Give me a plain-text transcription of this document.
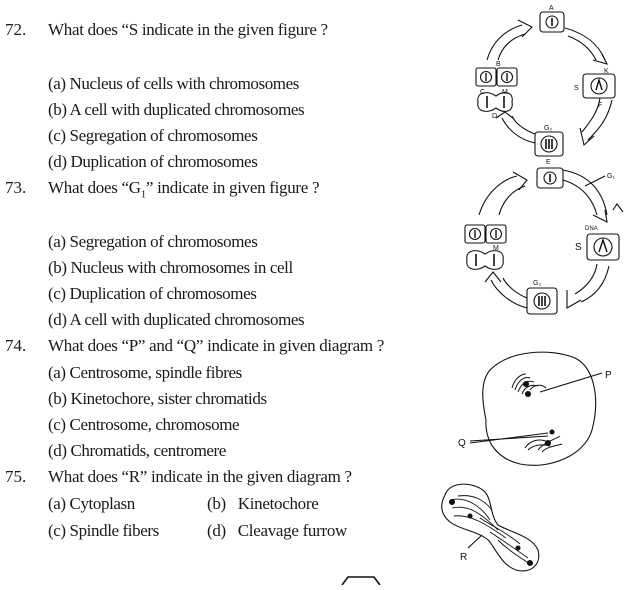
72. What does “S indicate in the given figure ?
(a) Nucleus of cells with chromosomes
(b) A cell with duplicated chromosomes
(c) Segregation of chromosomes
(d) Duplication of chromosomes
73. What does “$G_1$” indicate in given figure ?
(a) Segregation of chromosomes
(b) Nucleus with chromosomes in cell
(c) Duplication of chromosomes
(d) A cell with duplicated chromosomes
74. What does “P” and “Q” indicate in given diagram ?
(a) Centrosome, spindle fibres
(b) Kinetochore, sister chromatids
(c) Centrosome, chromosome
(d) Chromatids, centromere
75. What does “R” indicate in the given diagram ?
(a) Cytoplasn	(b)   Kinetochore
(c) Spindle fibers	(d)   Cleavage furrow
A
B
C M
D
E
G₂
S
K
F
G₁
DNA
S
M
G₂
P
Q
R
